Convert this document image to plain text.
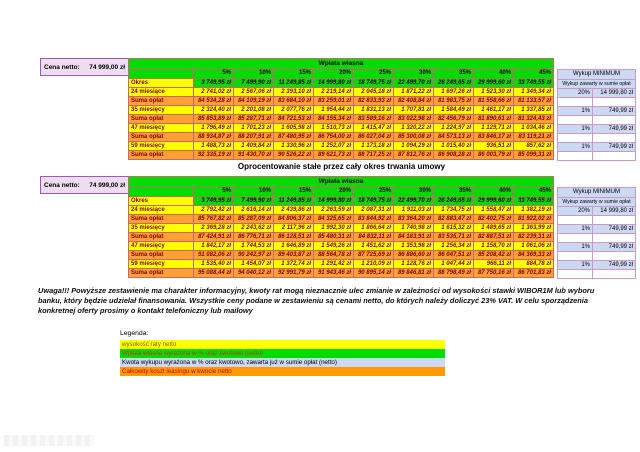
Cena netto: 74 999,00 zł
Wpłata własna
5%	10%	15%	20%	25%	30%	35%	40%	45%
Okres	3 749,95 zł	7 499,90 zł	11 249,85 zł	14 999,80 zł	18 749,75 zł	22 499,70 zł	26 249,65 zł	29 999,60 zł	33 749,55 zł
24 miesiące	2 741,02 zł	2 567,06 zł	2 393,10 zł	2 219,14 zł	2 045,18 zł	1 871,22 zł	1 697,26 zł	1 523,30 zł	1 349,34 zł
Suma opłat	84 534,28 zł	84 109,19 zł	83 684,10 zł	83 259,01 zł	82 833,93 zł	82 408,84 zł	81 983,75 zł	81 558,66 zł	81 133,57 zł
35 miesięcy	2 324,40 zł	2 201,08 zł	2 077,76 zł	1 954,44 zł	1 831,13 zł	1 707,81 zł	1 584,49 zł	1 461,17 zł	1 337,85 zł
Suma opłat	85 853,89 zł	85 287,71 zł	84 721,53 zł	84 155,34 zł	83 589,16 zł	83 022,98 zł	82 456,79 zł	81 890,61 zł	81 324,43 zł
47 miesięcy	1 796,49 zł	1 701,23 zł	1 605,98 zł	1 510,73 zł	1 415,47 zł	1 320,22 zł	1 224,97 zł	1 129,71 zł	1 034,46 zł
Suma opłat	88 934,87 zł	88 207,91 zł	87 480,95 zł	86 754,00 zł	86 027,04 zł	85 300,08 zł	84 573,13 zł	83 846,17 zł	83 119,21 zł
59 miesięcy	1 488,73 zł	1 409,84 zł	1 330,96 zł	1 252,07 zł	1 173,18 zł	1 094,29 zł	1 015,40 zł	936,51 zł	857,62 zł
Suma opłat	92 335,19 zł	91 430,70 zł	90 526,22 zł	89 621,73 zł	88 717,25 zł	87 812,76 zł	86 908,28 zł	86 003,79 zł	85 099,31 zł
Wykup MINIMUM
Wykup zawarty w sumie opłat
20%	14 999,80 zł
1%	749,99 zł
1%	749,99 zł
1%	749,99 zł
Oprocentowanie stałe przez cały okres trwania umowy
Cena netto: 74 999,00 zł
Wpłata własna
5%	10%	15%	20%	25%	30%	35%	40%	45%
Okres	3 749,95 zł	7 499,90 zł	11 249,85 zł	14 999,80 zł	18 749,75 zł	22 499,70 zł	26 249,65 zł	29 999,60 zł	33 749,55 zł
24 miesiące	2 792,42 zł	2 616,14 zł	2 439,86 zł	2 263,59 zł	2 087,31 zł	1 911,03 zł	1 734,75 zł	1 558,47 zł	1 382,19 zł
Suma opłat	85 767,82 zł	85 287,09 zł	84 806,37 zł	84 325,65 zł	83 844,92 zł	83 364,20 zł	82 883,47 zł	82 402,75 zł	81 922,02 zł
35 miesięcy	2 369,28 zł	2 243,62 zł	2 117,96 zł	1 992,30 zł	1 866,64 zł	1 740,98 zł	1 615,32 zł	1 489,65 zł	1 363,99 zł
Suma opłat	87 424,91 zł	86 776,71 zł	86 128,51 zł	85 480,31 zł	84 832,11 zł	84 183,91 zł	83 535,71 zł	82 887,51 zł	82 239,31 zł
47 miesięcy	1 842,17 zł	1 744,53 zł	1 646,89 zł	1 549,26 zł	1 451,62 zł	1 353,98 zł	1 256,34 zł	1 158,70 zł	1 061,06 zł
Suma opłat	91 082,06 zł	90 242,97 zł	89 403,87 zł	88 564,78 zł	87 725,69 zł	86 886,60 zł	86 047,51 zł	85 208,42 zł	84 369,33 zł
59 miesięcy	1 535,40 zł	1 454,07 zł	1 372,74 zł	1 291,42 zł	1 210,09 zł	1 128,76 zł	1 047,44 zł	966,11 zł	884,78 zł
Suma opłat	95 088,44 zł	94 040,12 zł	92 991,79 zł	91 943,46 zł	90 895,14 zł	89 846,81 zł	88 798,49 zł	87 750,16 zł	86 701,83 zł
Wykup MINIMUM
Wykup zawarty w sumie opłat
20%	14 999,80 zł
1%	749,99 zł
1%	749,99 zł
1%	749,99 zł
Uwaga!!! Powyższe zestawienie ma charakter informacyjny, kwoty rat mogą nieznacznie ulec zmianie w zależności od wysokości stawki WIBOR1M lub wyboru banku, który będzie udzielał finansowania. Wszystkie ceny podane w zestawieniu są cenami netto, do których należy doliczyć 23% VAT. W celu sporządzenia konkretnej oferty prosimy o kontakt telefoniczny lub mailowy
Legenda:
wysokość raty netto
Wpłata własna wyrażona w % oraz kwotowo (netto)
Kwota wykupu wyrażona w % oraz kwotowo, zawarta już w sumie opłat (netto)
Całkowity koszt leasingu w kwocie netto
